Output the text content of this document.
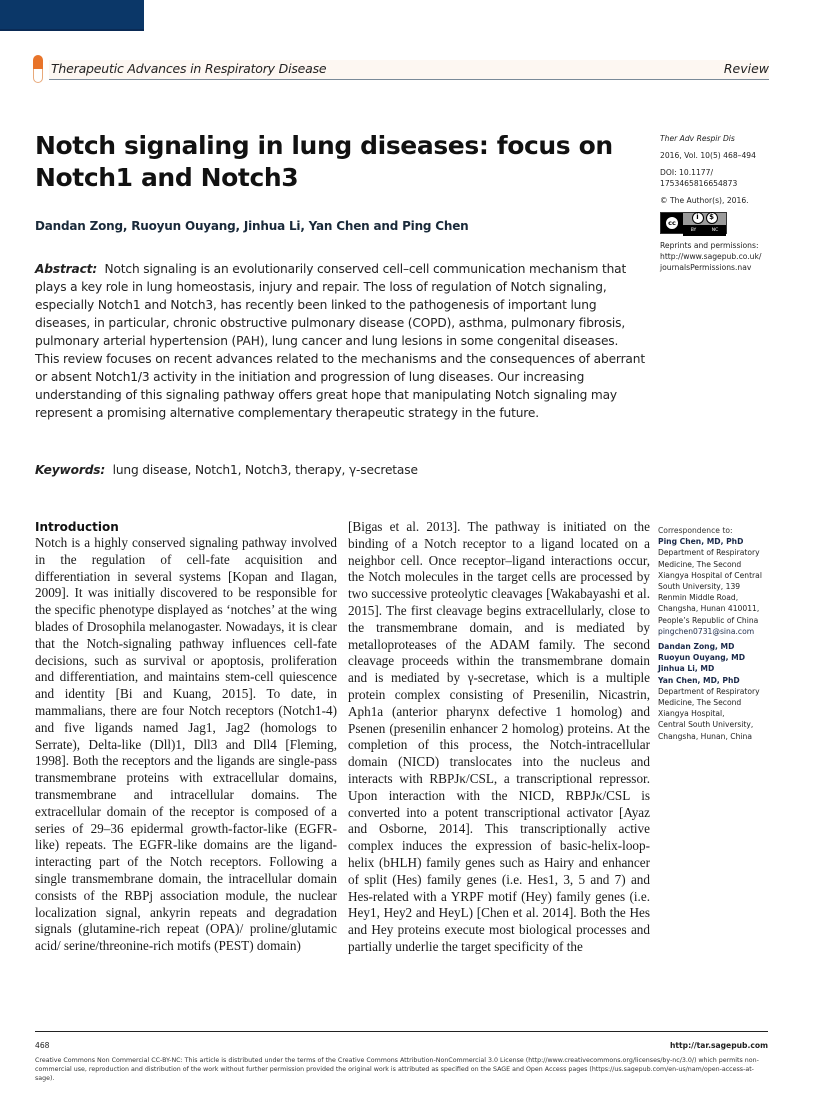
Therapeutic Advances in Respiratory Disease	Review
Notch signaling in lung diseases: focus on Notch1 and Notch3
Dandan Zong, Ruoyun Ouyang, Jinhua Li, Yan Chen and Ping Chen

Abstract: Notch signaling is an evolutionarily conserved cell–cell communication mechanism that plays a key role in lung homeostasis, injury and repair. The loss of regulation of Notch signaling, especially Notch1 and Notch3, has recently been linked to the pathogenesis of important lung diseases, in particular, chronic obstructive pulmonary disease (COPD), asthma, pulmonary fibrosis, pulmonary arterial hypertension (PAH), lung cancer and lung lesions in some congenital diseases. This review focuses on recent advances related to the mechanisms and the consequences of aberrant or absent Notch1/3 activity in the initiation and progression of lung diseases. Our increasing understanding of this signaling pathway offers great hope that manipulating Notch signaling may represent a promising alternative complementary therapeutic strategy in the future.

Keywords: lung disease, Notch1, Notch3, therapy, γ-secretase

Ther Adv Respir Dis
2016, Vol. 10(5) 468–494
DOI: 10.1177/
1753465816654873
© The Author(s), 2016.
cc
i	$
BY	NC
Reprints and permissions:
http://www.sagepub.co.uk/
journalsPermissions.nav
Introduction

Notch is a highly conserved signaling pathway involved in the regulation of cell-fate acquisition and differentiation in several systems [Kopan and Ilagan, 2009]. It was initially discovered to be responsible for the specific phenotype displayed as ‘notches’ at the wing blades of Drosophila melanogaster. Nowadays, it is clear that the Notch-signaling pathway influences cell-fate decisions, such as survival or apoptosis, proliferation and differentiation, and maintains stem-cell quiescence and identity [Bi and Kuang, 2015]. To date, in mammalians, there are four Notch receptors (Notch1-4) and five ligands named Jag1, Jag2 (homologs to Serrate), Delta-like (Dll)1, Dll3 and Dll4 [Fleming, 1998]. Both the receptors and the ligands are single-pass transmembrane proteins with extracellular domains, transmembrane and intracellular domains. The extracellular domain of the receptor is composed of a series of 29–36 epidermal growth-factor-like (EGFR-like) repeats. The EGFR-like domains are the ligand-interacting part of the Notch receptors. Following a single transmembrane domain, the intracellular domain consists of the RBPj association module, the nuclear localization signal, ankyrin repeats and degradation signals (glutamine-rich repeat (OPA)/ proline/glutamic acid/ serine/threonine-rich motifs (PEST) domain)

[Bigas et al. 2013]. The pathway is initiated on the binding of a Notch receptor to a ligand located on a neighbor cell. Once receptor–ligand interactions occur, the Notch molecules in the target cells are processed by two successive proteolytic cleavages [Wakabayashi et al. 2015]. The first cleavage begins extracellularly, close to the transmembrane domain, and is mediated by metalloproteases of the ADAM family. The second cleavage proceeds within the transmembrane domain and is mediated by γ-secretase, which is a multiple protein complex consisting of Presenilin, Nicastrin, Aph1a (anterior pharynx defective 1 homolog) and Psenen (presenilin enhancer 2 homolog) proteins. At the completion of this process, the Notch-intracellular domain (NICD) translocates into the nucleus and interacts with RBPJκ/CSL, a transcriptional repressor. Upon interaction with the NICD, RBPJκ/CSL is converted into a potent transcriptional activator [Ayaz and Osborne, 2014]. This transcriptionally active complex induces the expression of basic-helix-loop-helix (bHLH) family genes such as Hairy and enhancer of split (Hes) family genes (i.e. Hes1, 3, 5 and 7) and Hes-related with a YRPF motif (Hey) family genes (i.e. Hey1, Hey2 and HeyL) [Chen et al. 2014]. Both the Hes and Hey proteins execute most biological processes and partially underlie the target specificity of the

Correspondence to:
Ping Chen, MD, PhD
Department of Respiratory
Medicine, The Second
Xiangya Hospital of Central
South University, 139
Renmin Middle Road,
Changsha, Hunan 410011,
People’s Republic of China
pingchen0731@sina.com
Dandan Zong, MD
Ruoyun Ouyang, MD
Jinhua Li, MD
Yan Chen, MD, PhD
Department of Respiratory
Medicine, The Second
Xiangya Hospital,
Central South University,
Changsha, Hunan, China
468	http://tar.sagepub.com

Creative Commons Non Commercial CC-BY-NC: This article is distributed under the terms of the Creative Commons Attribution-NonCommercial 3.0 License (http://www.creativecommons.org/licenses/by-nc/3.0/) which permits non-commercial use, reproduction and distribution of the work without further permission provided the original work is attributed as specified on the SAGE and Open Access pages (https://us.sagepub.com/en-us/nam/open-access-at-sage).
